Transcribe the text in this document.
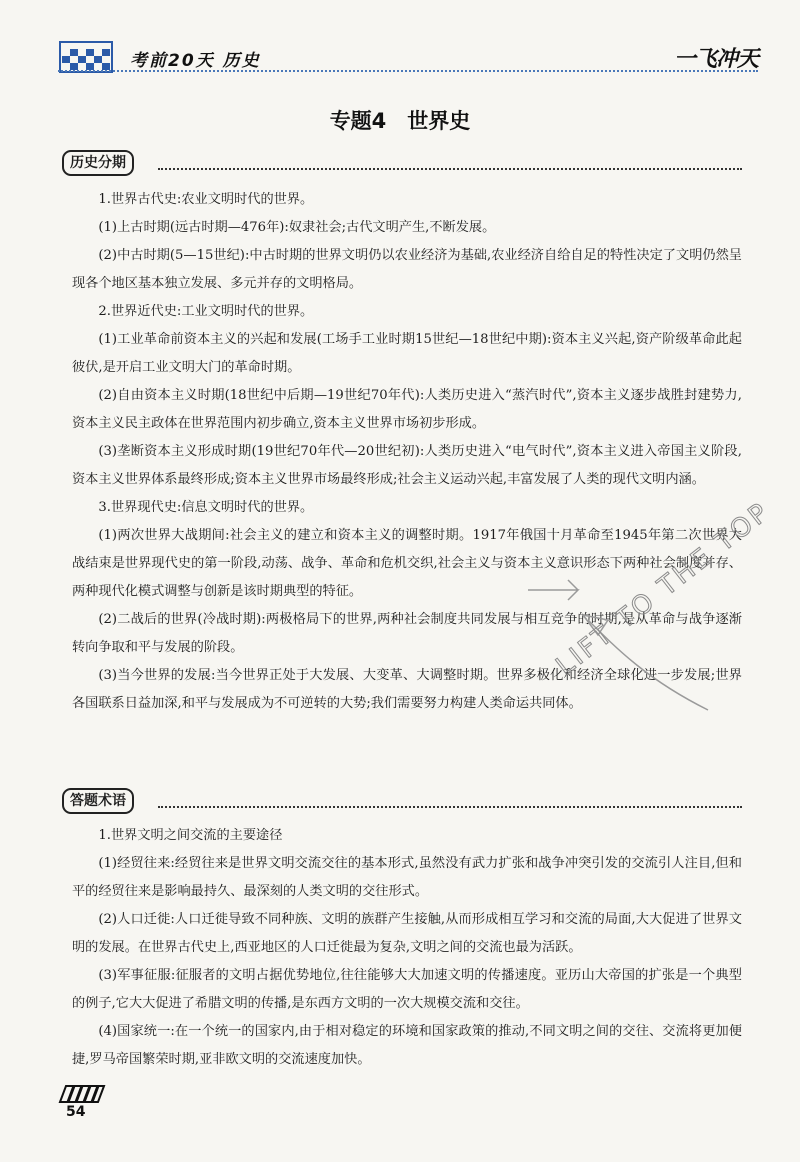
考前20天 历史	一飞冲天
专题4　世界史
历史分期

1.世界古代史:农业文明时代的世界。

(1)上古时期(远古时期—476年):奴隶社会;古代文明产生,不断发展。

(2)中古时期(5—15世纪):中古时期的世界文明仍以农业经济为基础,农业经济自给自足的特性决定了文明仍然呈现各个地区基本独立发展、多元并存的文明格局。

2.世界近代史:工业文明时代的世界。

(1)工业革命前资本主义的兴起和发展(工场手工业时期15世纪—18世纪中期):资本主义兴起,资产阶级革命此起彼伏,是开启工业文明大门的革命时期。

(2)自由资本主义时期(18世纪中后期—19世纪70年代):人类历史进入“蒸汽时代”,资本主义逐步战胜封建势力,资本主义民主政体在世界范围内初步确立,资本主义世界市场初步形成。

(3)垄断资本主义形成时期(19世纪70年代—20世纪初):人类历史进入“电气时代”,资本主义进入帝国主义阶段,资本主义世界体系最终形成;资本主义世界市场最终形成;社会主义运动兴起,丰富发展了人类的现代文明内涵。

3.世界现代史:信息文明时代的世界。

(1)两次世界大战期间:社会主义的建立和资本主义的调整时期。1917年俄国十月革命至1945年第二次世界大战结束是世界现代史的第一阶段,动荡、战争、革命和危机交织,社会主义与资本主义意识形态下两种社会制度并存、两种现代化模式调整与创新是该时期典型的特征。

(2)二战后的世界(冷战时期):两极格局下的世界,两种社会制度共同发展与相互竞争的时期,是从革命与战争逐渐转向争取和平与发展的阶段。

(3)当今世界的发展:当今世界正处于大发展、大变革、大调整时期。世界多极化和经济全球化进一步发展;世界各国联系日益加深,和平与发展成为不可逆转的大势;我们需要努力构建人类命运共同体。

答题术语

1.世界文明之间交流的主要途径

(1)经贸往来:经贸往来是世界文明交流交往的基本形式,虽然没有武力扩张和战争冲突引发的交流引人注目,但和平的经贸往来是影响最持久、最深刻的人类文明的交往形式。

(2)人口迁徙:人口迁徙导致不同种族、文明的族群产生接触,从而形成相互学习和交流的局面,大大促进了世界文明的发展。在世界古代史上,西亚地区的人口迁徙最为复杂,文明之间的交流也最为活跃。

(3)军事征服:征服者的文明占据优势地位,往往能够大大加速文明的传播速度。亚历山大帝国的扩张是一个典型的例子,它大大促进了希腊文明的传播,是东西方文明的一次大规模交流和交往。

(4)国家统一:在一个统一的国家内,由于相对稳定的环境和国家政策的推动,不同文明之间的交往、交流将更加便捷,罗马帝国繁荣时期,亚非欧文明的交流速度加快。

LIFT TO THE TOP
54
